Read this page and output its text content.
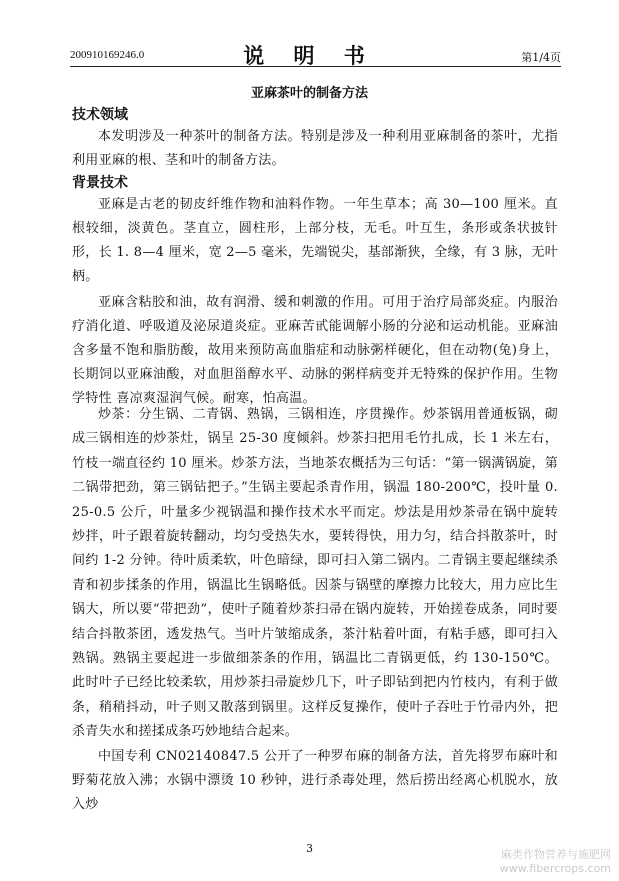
200910169246.0	说 明 书	第1/4页
亚麻茶叶的制备方法
技术领域

本发明涉及一种茶叶的制备方法。特别是涉及一种利用亚麻制备的茶叶，尤指利用亚麻的根、茎和叶的制备方法。

背景技术

亚麻是古老的韧皮纤维作物和油料作物。一年生草本；高 30—100 厘米。直根较细，淡黄色。茎直立，圆柱形，上部分枝，无毛。叶互生，条形或条状披针形，长 1. 8—4 厘米，宽 2—5 毫米，先端锐尖，基部渐狭，全缘，有 3 脉，无叶柄。

亚麻含粘胶和油，故有润滑、缓和刺激的作用。可用于治疗局部炎症。内服治疗消化道、呼吸道及泌尿道炎症。亚麻苦甙能调解小肠的分泌和运动机能。亚麻油含多量不饱和脂肪酸，故用来预防高血脂症和动脉粥样硬化，但在动物(兔)身上，长期饲以亚麻油酸，对血胆甾醇水平、动脉的粥样病变并无特殊的保护作用。生物学特性 喜凉爽湿润气候。耐寒，怕高温。

炒茶：分生锅、二青锅、熟锅，三锅相连，序贯操作。炒茶锅用普通板锅，砌成三锅相连的炒茶灶，锅呈 25-30 度倾斜。炒茶扫把用毛竹扎成，长 1 米左右，竹枝一端直径约 10 厘米。炒茶方法，当地茶农概括为三句话：“第一锅满锅旋，第二锅带把劲，第三锅钻把子。”生锅主要起杀青作用，锅温 180-200℃，投叶量 0.25-0.5 公斤，叶量多少视锅温和操作技术水平而定。炒法是用炒茶帚在锅中旋转炒拌，叶子跟着旋转翻动，均匀受热失水，要转得快，用力匀，结合抖散茶叶，时间约 1-2 分钟。待叶质柔软，叶色暗绿，即可扫入第二锅内。二青锅主要起继续杀青和初步揉条的作用，锅温比生锅略低。因茶与锅壁的摩擦力比较大，用力应比生锅大，所以要“带把劲”，使叶子随着炒茶扫帚在锅内旋转，开始搓卷成条，同时要结合抖散茶团，透发热气。当叶片皱缩成条，茶汁粘着叶面，有粘手感，即可扫入熟锅。熟锅主要起进一步做细茶条的作用，锅温比二青锅更低，约 130-150℃。此时叶子已经比较柔软，用炒茶扫帚旋炒几下，叶子即钻到把内竹枝内，有利于做条，稍稍抖动，叶子则又散落到锅里。这样反复操作，使叶子吞吐于竹帚内外，把杀青失水和搓揉成条巧妙地结合起来。

中国专利 CN02140847.5 公开了一种罗布麻的制备方法，首先将罗布麻叶和野菊花放入沸；水锅中漂烫 10 秒钟，进行杀毒处理，然后捞出经离心机脱水，放入炒

3	麻类作物营养与施肥网
www.fibercrops.com
